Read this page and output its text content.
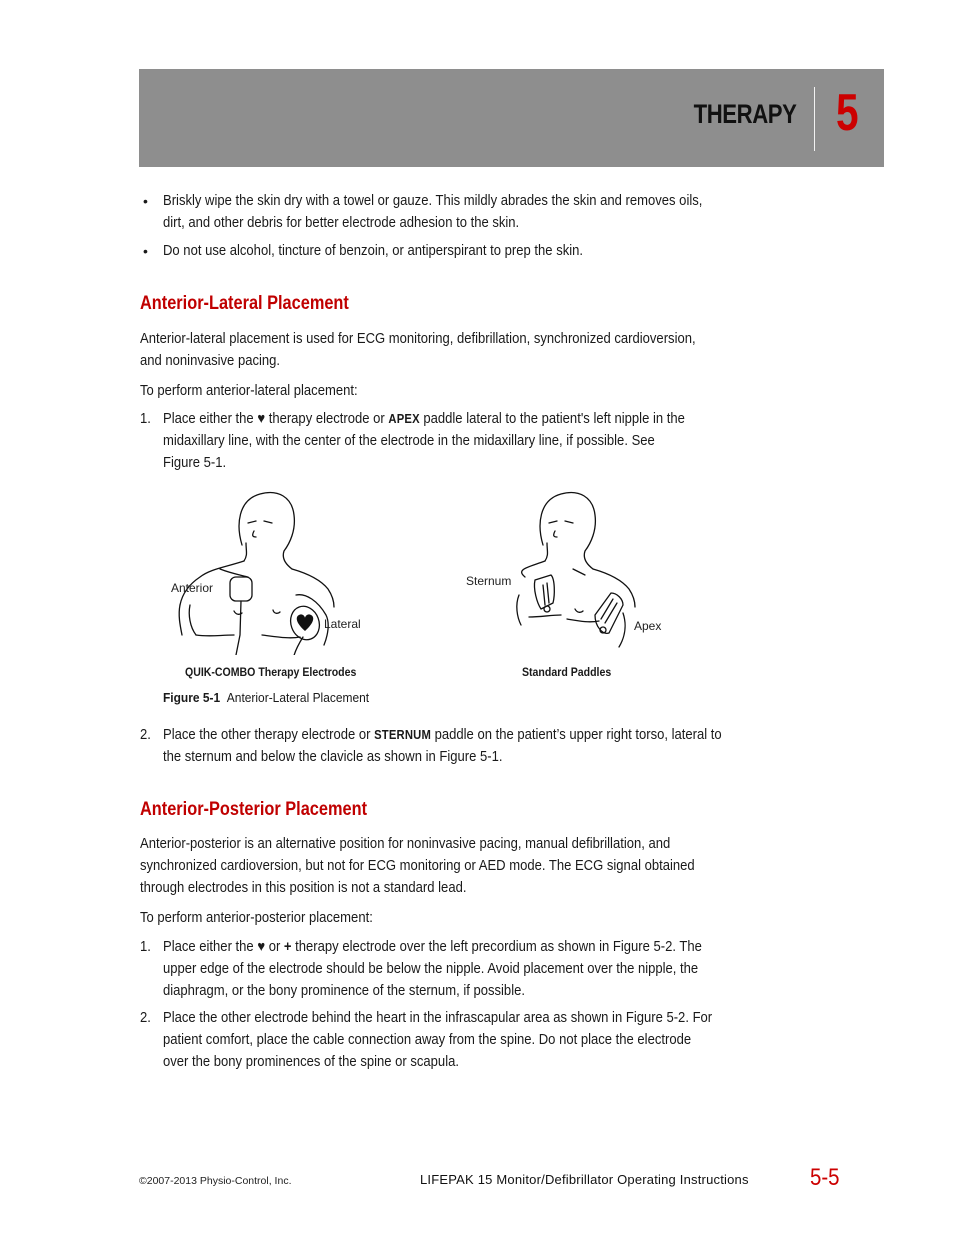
THERAPY 5
• Briskly wipe the skin dry with a towel or gauze. This mildly abrades the skin and removes oils,
dirt, and other debris for better electrode adhesion to the skin.
• Do not use alcohol, tincture of benzoin, or antiperspirant to prep the skin.
Anterior-Lateral Placement
Anterior-lateral placement is used for ECG monitoring, defibrillation, synchronized cardioversion,
and noninvasive pacing.
To perform anterior-lateral placement:
1. Place either the ♥ therapy electrode or APEX paddle lateral to the patient's left nipple in the
midaxillary line, with the center of the electrode in the midaxillary line, if possible. See
Figure 5-1.
Anterior
Lateral
QUIK-COMBO Therapy Electrodes
Sternum
Apex
Standard Paddles
Figure 5-1 Anterior-Lateral Placement
2. Place the other therapy electrode or STERNUM paddle on the patient’s upper right torso, lateral to
the sternum and below the clavicle as shown in Figure 5-1.
Anterior-Posterior Placement
Anterior-posterior is an alternative position for noninvasive pacing, manual defibrillation, and
synchronized cardioversion, but not for ECG monitoring or AED mode. The ECG signal obtained
through electrodes in this position is not a standard lead.
To perform anterior-posterior placement:
1. Place either the ♥ or + therapy electrode over the left precordium as shown in Figure 5-2. The
upper edge of the electrode should be below the nipple. Avoid placement over the nipple, the
diaphragm, or the bony prominence of the sternum, if possible.
2. Place the other electrode behind the heart in the infrascapular area as shown in Figure 5-2. For
patient comfort, place the cable connection away from the spine. Do not place the electrode
over the bony prominences of the spine or scapula.
©2007-2013 Physio-Control, Inc.	LIFEPAK 15 Monitor/Defibrillator Operating Instructions	5-5
